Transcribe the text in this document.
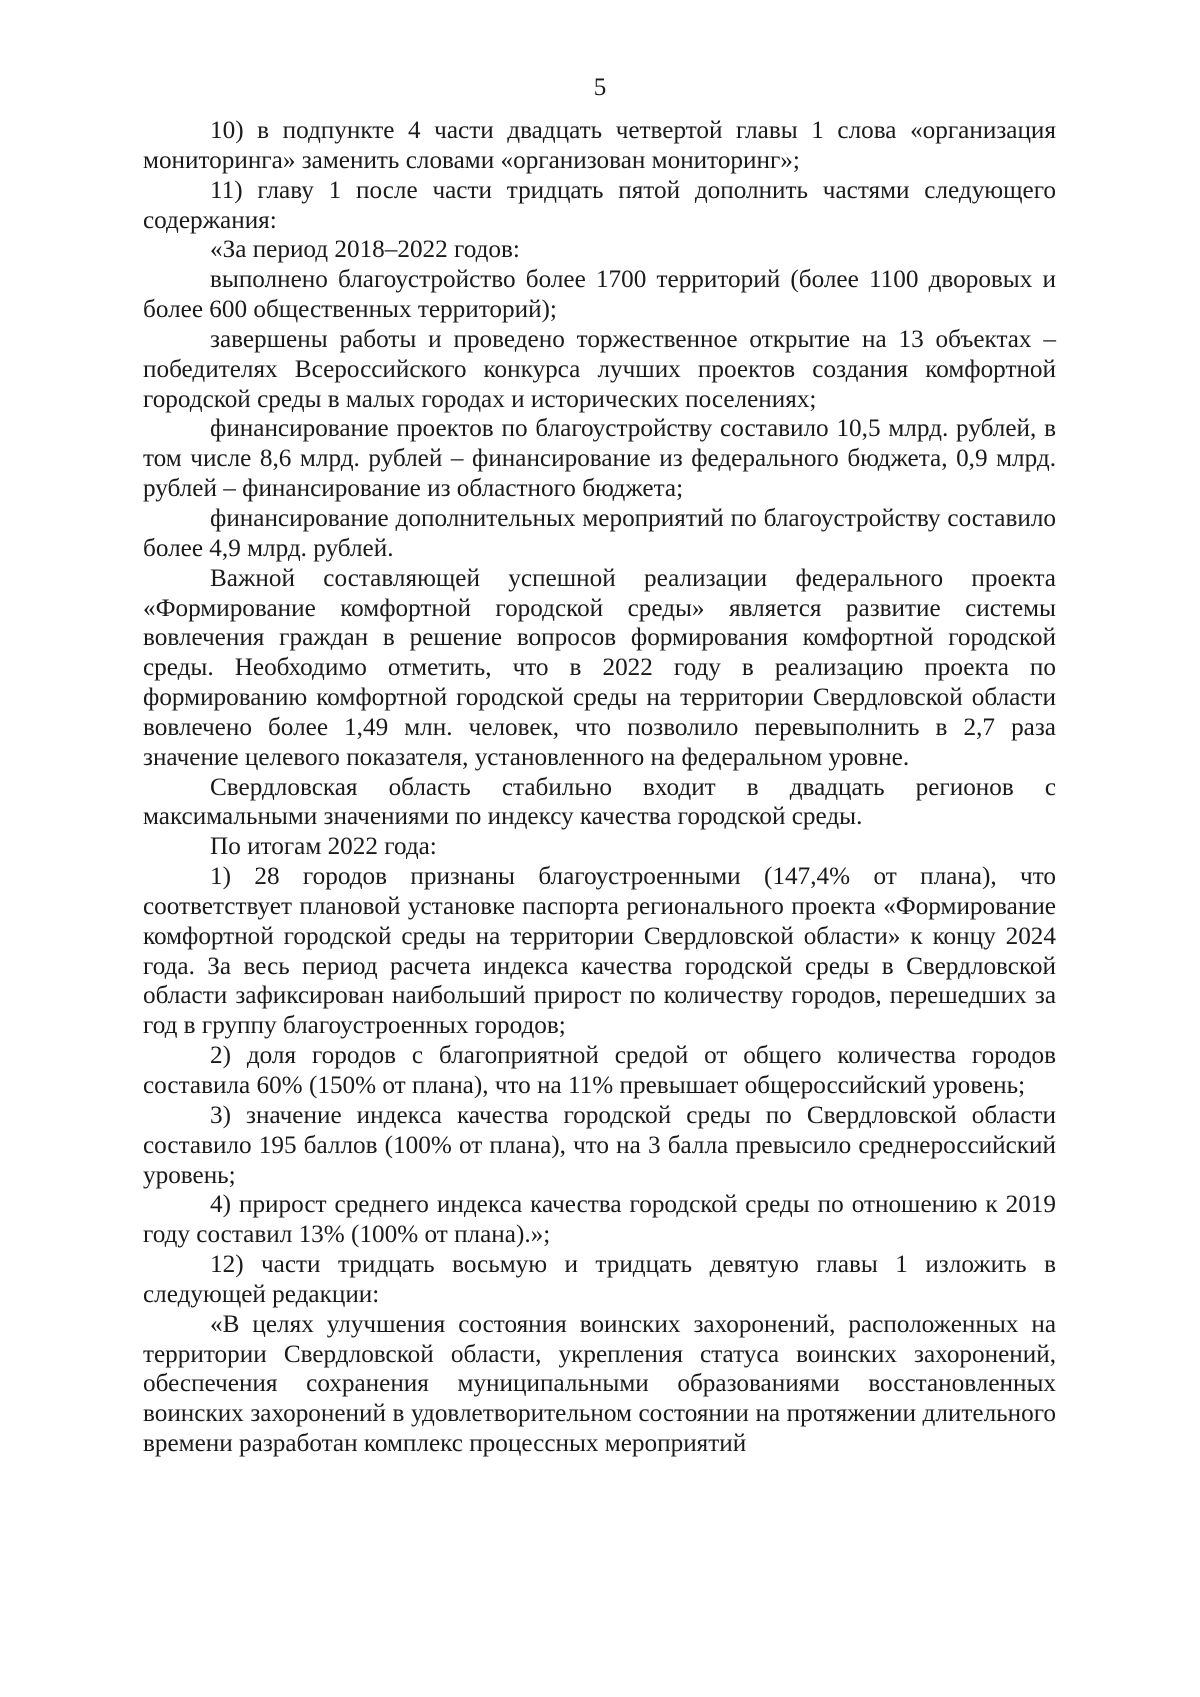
5

10) в подпункте 4 части двадцать четвертой главы 1 слова «организация мониторинга» заменить словами «организован мониторинг»;

11) главу 1 после части тридцать пятой дополнить частями следующего содержания:

«За период 2018–2022 годов:

выполнено благоустройство более 1700 территорий (более 1100 дворовых и более 600 общественных территорий);

завершены работы и проведено торжественное открытие на 13 объектах – победителях Всероссийского конкурса лучших проектов создания комфортной городской среды в малых городах и исторических поселениях;

финансирование проектов по благоустройству составило 10,5 млрд. рублей, в том числе 8,6 млрд. рублей – финансирование из федерального бюджета, 0,9 млрд. рублей – финансирование из областного бюджета;

финансирование дополнительных мероприятий по благоустройству составило более 4,9 млрд. рублей.

Важной составляющей успешной реализации федерального проекта «Формирование комфортной городской среды» является развитие системы вовлечения граждан в решение вопросов формирования комфортной городской среды. Необходимо отметить, что в 2022 году в реализацию проекта по формированию комфортной городской среды на территории Свердловской области вовлечено более 1,49 млн. человек, что позволило перевыполнить в 2,7 раза значение целевого показателя, установленного на федеральном уровне.

Свердловская область стабильно входит в двадцать регионов с максимальными значениями по индексу качества городской среды.

По итогам 2022 года:

1) 28 городов признаны благоустроенными (147,4% от плана), что соответствует плановой установке паспорта регионального проекта «Формирование комфортной городской среды на территории Свердловской области» к концу 2024 года. За весь период расчета индекса качества городской среды в Свердловской области зафиксирован наибольший прирост по количеству городов, перешедших за год в группу благоустроенных городов;

2) доля городов с благоприятной средой от общего количества городов составила 60% (150% от плана), что на 11% превышает общероссийский уровень;

3) значение индекса качества городской среды по Свердловской области составило 195 баллов (100% от плана), что на 3 балла превысило среднероссийский уровень;

4) прирост среднего индекса качества городской среды по отношению к 2019 году составил 13% (100% от плана).»;

12) части тридцать восьмую и тридцать девятую главы 1 изложить в следующей редакции:

«В целях улучшения состояния воинских захоронений, расположенных на территории Свердловской области, укрепления статуса воинских захоронений, обеспечения сохранения муниципальными образованиями восстановленных воинских захоронений в удовлетворительном состоянии на протяжении длительного времени разработан комплекс процессных мероприятий
